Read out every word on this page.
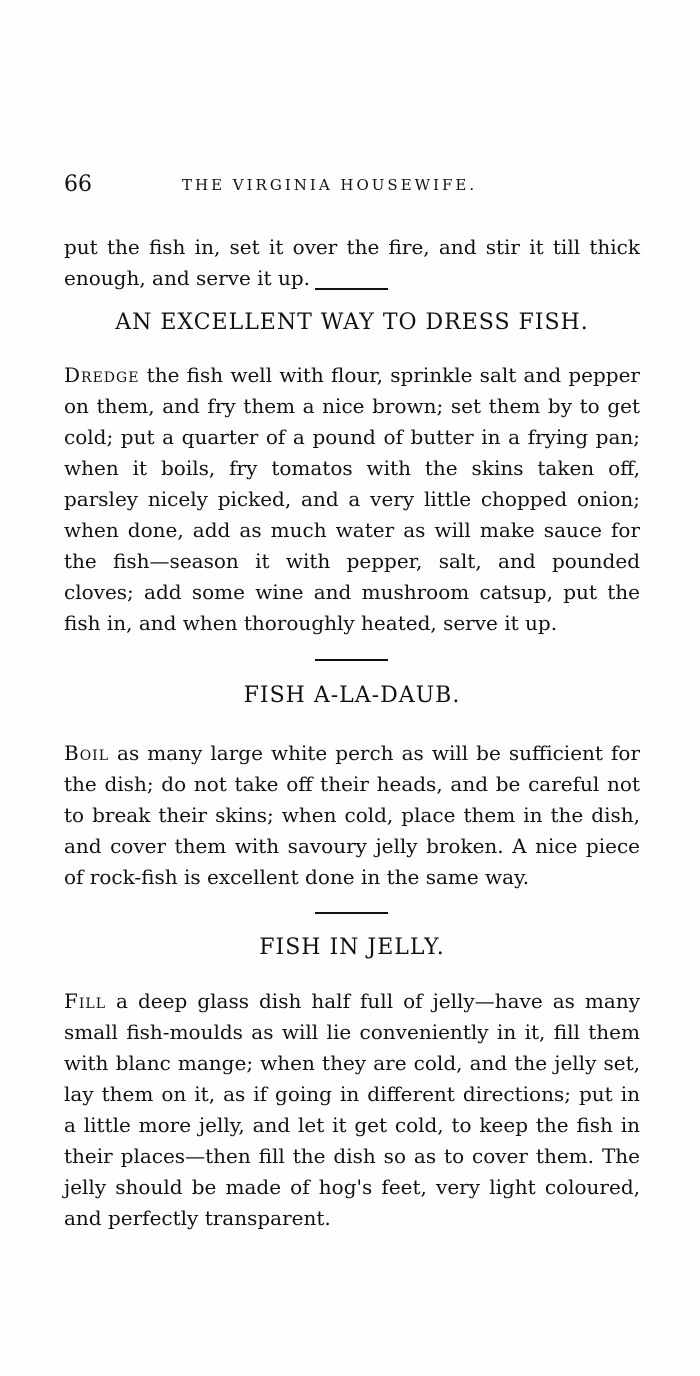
66	THE VIRGINIA HOUSEWIFE.

put the fish in, set it over the fire, and stir it till thick enough, and serve it up.

AN EXCELLENT WAY TO DRESS FISH.

Dredge the fish well with flour, sprinkle salt and pepper on them, and fry them a nice brown; set them by to get cold; put a quarter of a pound of butter in a frying pan; when it boils, fry tomatos with the skins taken off, parsley nicely picked, and a very little chopped onion; when done, add as much water as will make sauce for the fish—season it with pepper, salt, and pounded cloves; add some wine and mushroom catsup, put the fish in, and when thoroughly heated, serve it up.

FISH A-LA-DAUB.

Boil as many large white perch as will be sufficient for the dish; do not take off their heads, and be careful not to break their skins; when cold, place them in the dish, and cover them with savoury jelly broken. A nice piece of rock-fish is excellent done in the same way.

FISH IN JELLY.

Fill a deep glass dish half full of jelly—have as many small fish-moulds as will lie conveniently in it, fill them with blanc mange; when they are cold, and the jelly set, lay them on it, as if going in different directions; put in a little more jelly, and let it get cold, to keep the fish in their places—then fill the dish so as to cover them. The jelly should be made of hog's feet, very light coloured, and perfectly transparent.
